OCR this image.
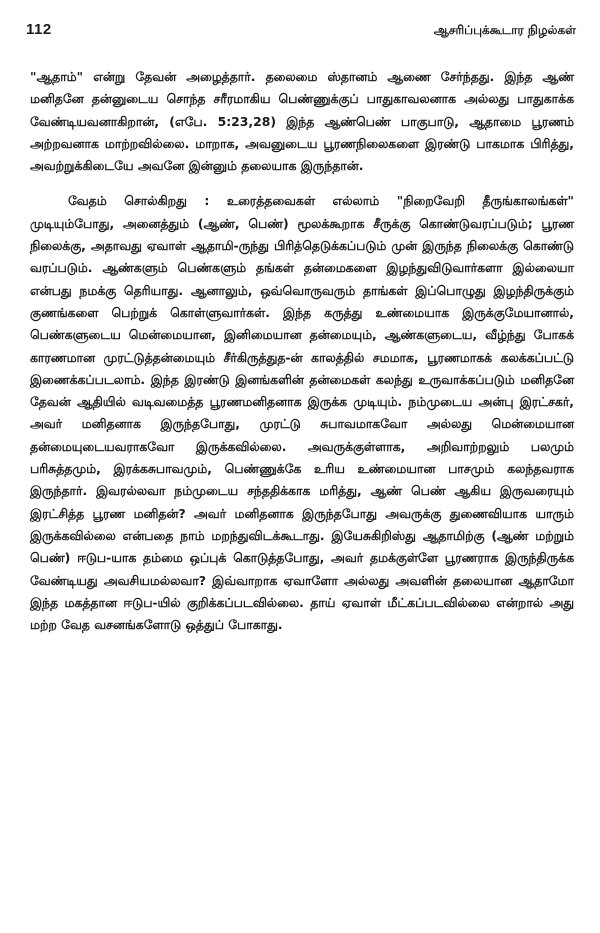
112	ஆசரிப்புக்கூடார நிழல்கள்

"ஆதாம்" என்று தேவன் அழைத்தார். தலைமை ஸ்தானம் ஆணை சேர்ந்தது. இந்த ஆண் மனிதனே தன்னுடைய சொந்த சரீரமாகிய பெண்ணுக்குப் பாதுகாவலனாக அல்லது பாதுகாக்க வேண்டியவனாகிறான், (எபே. 5:23,28) இந்த ஆண்பெண் பாகுபாடு, ஆதாமை பூரணம் அற்றவனாக மாற்றவில்லை. மாறாக, அவனுடைய பூரணநிலைகளை இரண்டு பாகமாக பிரித்து, அவற்றுக்கிடையே அவனே இன்னும் தலையாக இருந்தான்.

வேதம் சொல்கிறது : உரைத்தவைகள் எல்லாம் "நிறைவேறி தீருங்காலங்கள்" முடியும்போது, அனைத்தும் (ஆண், பெண்) மூலக்கூறாக சீருக்கு கொண்டுவரப்படும்; பூரண நிலைக்கு, அதாவது ஏவாள் ஆதாமி-ருந்து பிரித்தெடுக்கப்படும் முன் இருந்த நிலைக்கு கொண்டு வரப்படும். ஆண்களும் பெண்களும் தங்கள் தன்மைகளை இழந்துவிடுவார்களா இல்லையா என்பது நமக்கு தெரியாது. ஆனாலும், ஒவ்வொருவரும் தாங்கள் இப்பொழுது இழந்திருக்கும் குணங்களை பெற்றுக் கொள்ளுவார்கள். இந்த கருத்து உண்மையாக இருக்குமேயானால், பெண்களுடைய மென்மையான, இனிமையான தன்மையும், ஆண்களுடைய, வீழ்ந்து போகக் காரணமான முரட்டுத்தன்மையும் சீர்கிருத்துத-ன் காலத்தில் சமமாக, பூரணமாகக் கலக்கப்பட்டு இணைக்கப்படலாம். இந்த இரண்டு இனங்களின் தன்மைகள் கலந்து உருவாக்கப்படும் மனிதனே தேவன் ஆதியில் வடிவமைத்த பூரணமனிதனாக இருக்க முடியும். நம்முடைய அன்பு இரட்சகர், அவர் மனிதனாக இருந்தபோது, முரட்டு சுபாவமாகவோ அல்லது மென்மையான தன்மையுடையவராகவோ இருக்கவில்லை. அவருக்குள்ளாக, அறிவாற்றலும் பலமும் பரிசுத்தமும், இரக்கசுபாவமும், பெண்ணுக்கே உரிய உண்மையான பாசமும் கலந்தவராக இருந்தார். இவரல்லவா நம்முடைய சந்ததிக்காக மரித்து, ஆண் பெண் ஆகிய இருவரையும் இரட்சித்த பூரண மனிதன்? அவர் மனிதனாக இருந்தபோது அவருக்கு துணைவியாக யாரும் இருக்கவில்லை என்பதை நாம் மறந்துவிடக்கூடாது. இயேசுகிறிஸ்து ஆதாமிற்கு (ஆண் மற்றும் பெண்) ஈடுப-யாக தம்மை ஒப்புக் கொடுத்தபோது, அவர் தமக்குள்ளே பூரணராக இருந்திருக்க வேண்டியது அவசியமல்லவா? இவ்வாறாக ஏவாளோ அல்லது அவளின் தலையான ஆதாமோ இந்த மகத்தான ஈடுப-யில் குறிக்கப்படவில்லை. தாய் ஏவாள் மீட்கப்படவில்லை என்றால் அது மற்ற வேத வசனங்களோடு ஒத்துப் போகாது.
